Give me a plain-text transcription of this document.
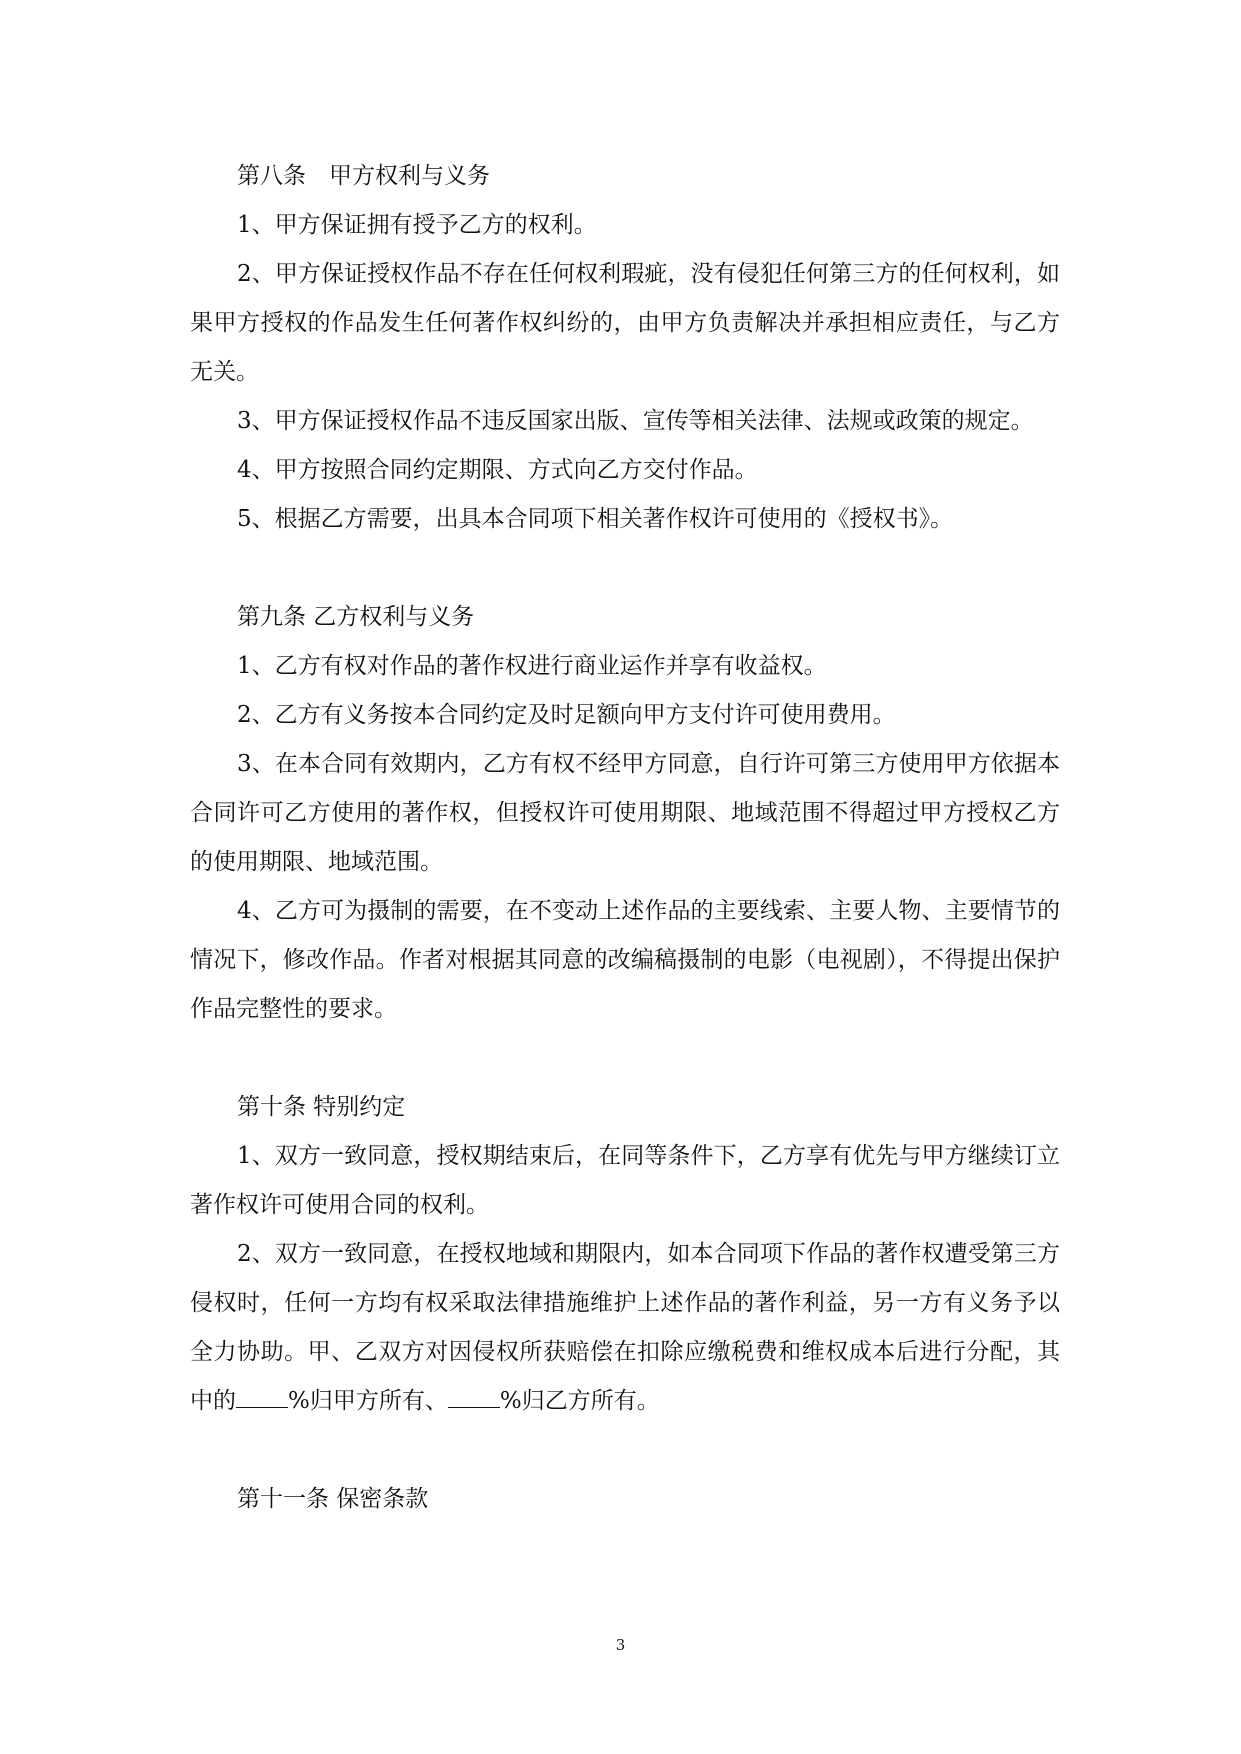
第八条　甲方权利与义务

1、甲方保证拥有授予乙方的权利。

2、甲方保证授权作品不存在任何权利瑕疵，没有侵犯任何第三方的任何权利，如果甲方授权的作品发生任何著作权纠纷的，由甲方负责解决并承担相应责任，与乙方无关。

3、甲方保证授权作品不违反国家出版、宣传等相关法律、法规或政策的规定。

4、甲方按照合同约定期限、方式向乙方交付作品。

5、根据乙方需要，出具本合同项下相关著作权许可使用的《授权书》。

第九条 乙方权利与义务

1、乙方有权对作品的著作权进行商业运作并享有收益权。

2、乙方有义务按本合同约定及时足额向甲方支付许可使用费用。

3、在本合同有效期内，乙方有权不经甲方同意，自行许可第三方使用甲方依据本合同许可乙方使用的著作权，但授权许可使用期限、地域范围不得超过甲方授权乙方的使用期限、地域范围。

4、乙方可为摄制的需要，在不变动上述作品的主要线索、主要人物、主要情节的情况下，修改作品。作者对根据其同意的改编稿摄制的电影（电视剧），不得提出保护作品完整性的要求。

第十条 特别约定

1、双方一致同意，授权期结束后，在同等条件下，乙方享有优先与甲方继续订立著作权许可使用合同的权利。

2、双方一致同意，在授权地域和期限内，如本合同项下作品的著作权遭受第三方侵权时，任何一方均有权采取法律措施维护上述作品的著作利益，另一方有义务予以全力协助。甲、乙双方对因侵权所获赔偿在扣除应缴税费和维权成本后进行分配，其中的 %归甲方所有、 %归乙方所有。

第十一条 保密条款

3
